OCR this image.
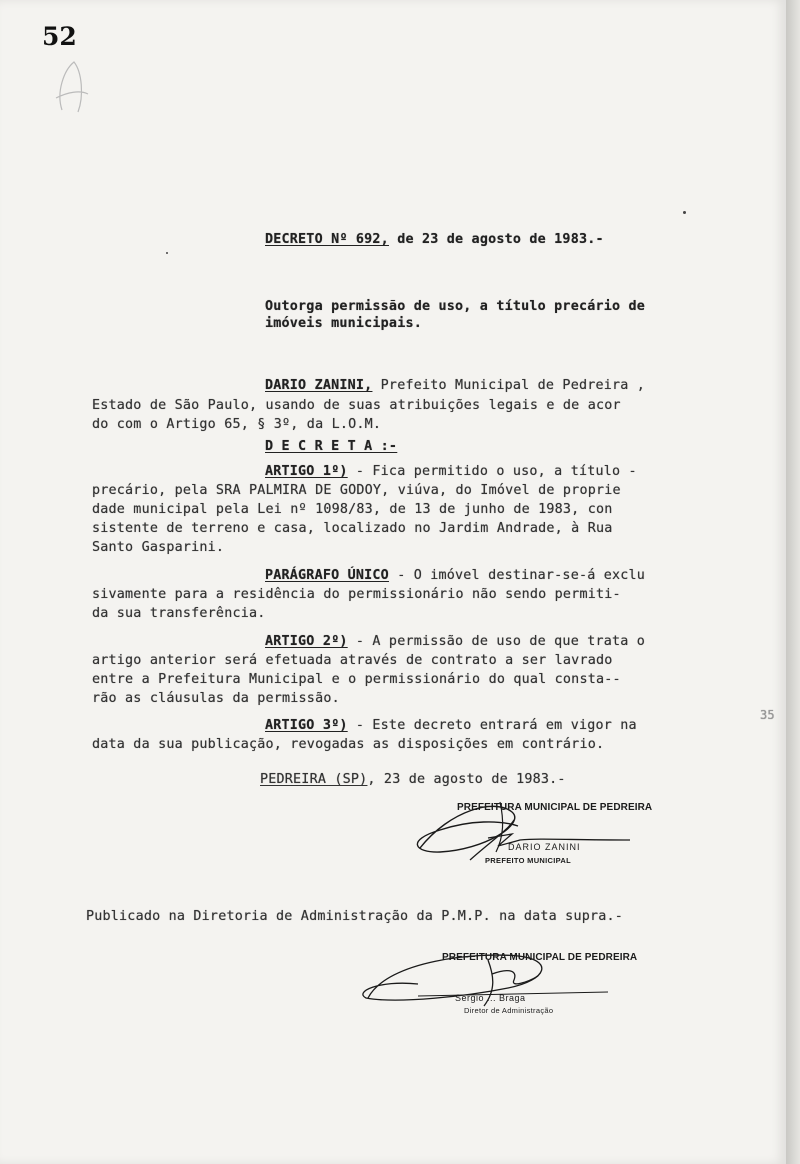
52
DECRETO Nº 692, de 23 de agosto de 1983.-
Outorga permissão de uso, a título precário de
imóveis municipais.
DARIO ZANINI, Prefeito Municipal de Pedreira ,
Estado de São Paulo, usando de suas atribuições legais e de acor
do com o Artigo 65, § 3º, da L.O.M.
D E C R E T A :-
ARTIGO 1º) - Fica permitido o uso, a título -
precário, pela SRA PALMIRA DE GODOY, viúva, do Imóvel de proprie
dade municipal pela Lei nº 1098/83, de 13 de junho de 1983, con
sistente de terreno e casa, localizado no Jardim Andrade, à Rua
Santo Gasparini.
PARÁGRAFO ÚNICO - O imóvel destinar-se-á exclu
sivamente para a residência do permissionário não sendo permiti-
da sua transferência.
ARTIGO 2º) - A permissão de uso de que trata o
artigo anterior será efetuada através de contrato a ser lavrado
entre a Prefeitura Municipal e o permissionário do qual consta--
rão as cláusulas da permissão.
ARTIGO 3º) - Este decreto entrará em vigor na
data da sua publicação, revogadas as disposições em contrário.
PEDREIRA (SP), 23 de agosto de 1983.-
35
PREFEITURA MUNICIPAL DE PEDREIRA
DARIO ZANINI
PREFEITO MUNICIPAL
Publicado na Diretoria de Administração da P.M.P. na data supra.-
PREFEITURA MUNICIPAL DE PEDREIRA
Sergio ... Braga
Diretor de Administração
